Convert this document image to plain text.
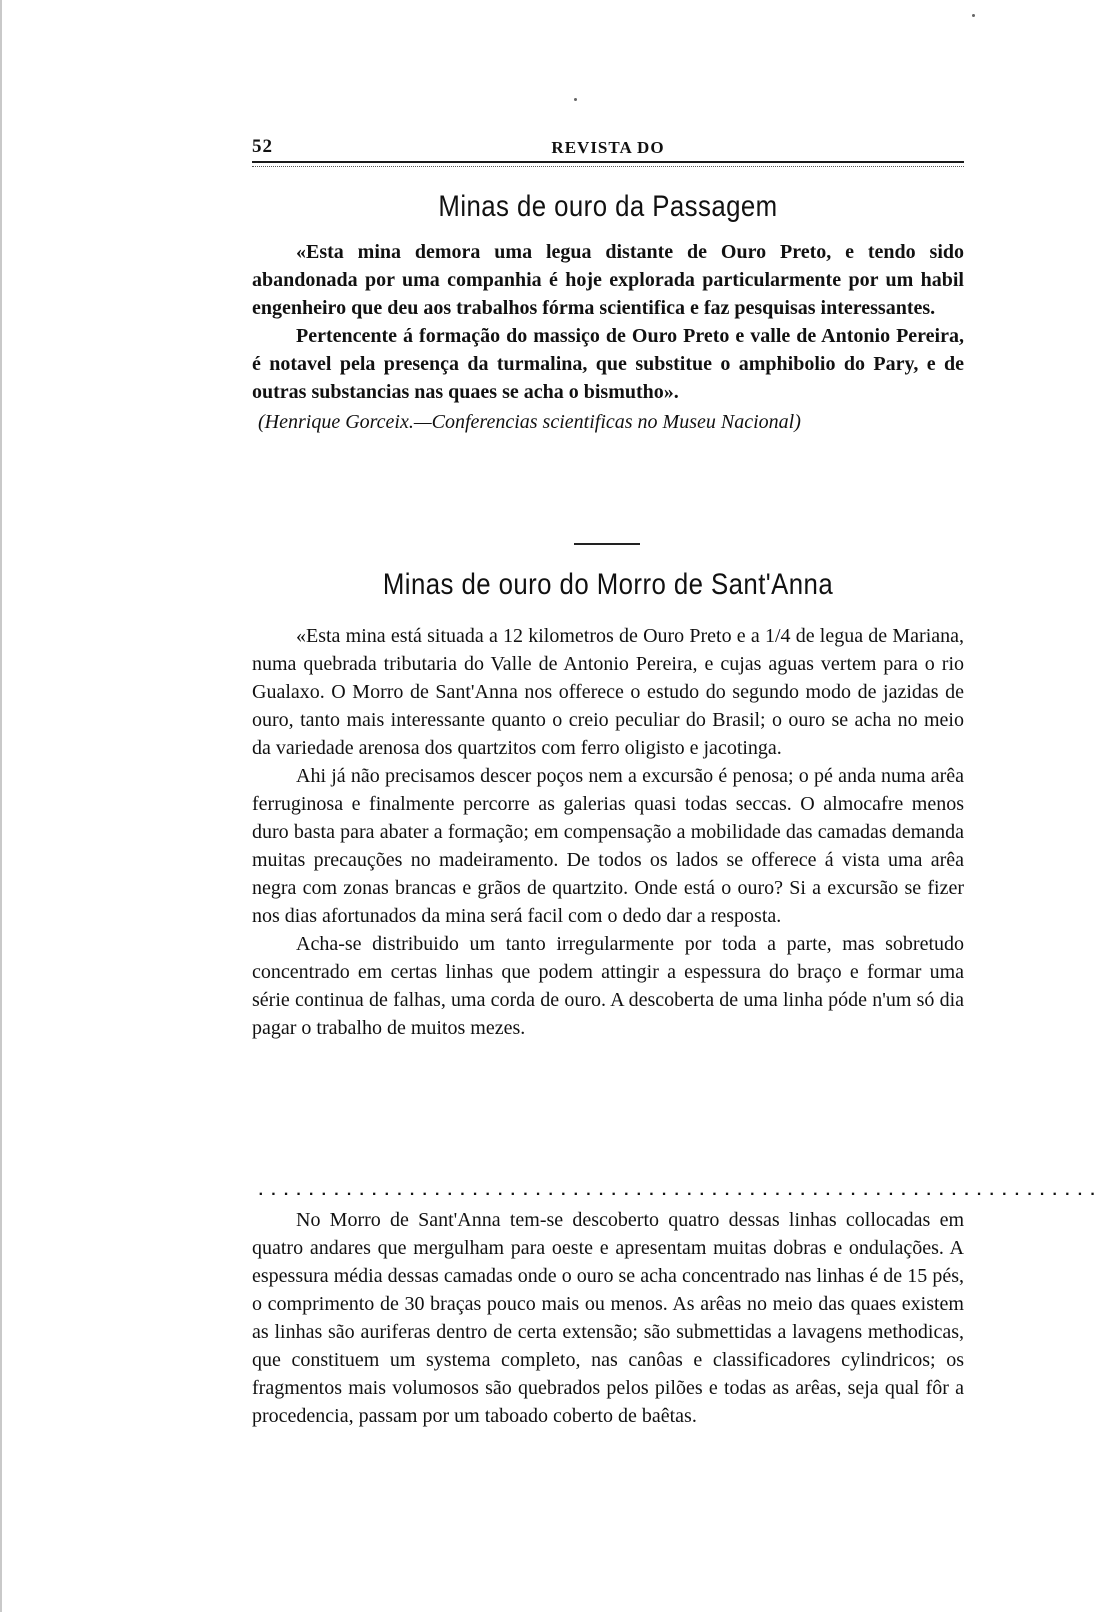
52	REVISTA DO
Minas de ouro da Passagem

«Esta mina demora uma legua distante de Ouro Preto, e tendo sido abandonada por uma companhia é hoje explorada particularmente por um habil engenheiro que deu aos trabalhos fórma scientifica e faz pesquisas interessantes.

Pertencente á formação do massiço de Ouro Preto e valle de Antonio Pereira, é notavel pela presença da turmalina, que substitue o amphibolio do Pary, e de outras substancias nas quaes se acha o bismutho».

(Henrique Gorceix.—Conferencias scientificas no Museu Nacional)

Minas de ouro do Morro de Sant'Anna

«Esta mina está situada a 12 kilometros de Ouro Preto e a 1/4 de legua de Mariana, numa quebrada tributaria do Valle de Antonio Pereira, e cujas aguas vertem para o rio Gualaxo. O Morro de Sant'Anna nos offerece o estudo do segundo modo de jazidas de ouro, tanto mais interessante quanto o creio peculiar do Brasil; o ouro se acha no meio da variedade arenosa dos quartzitos com ferro oligisto e jacotinga.

Ahi já não precisamos descer poços nem a excursão é penosa; o pé anda numa arêa ferruginosa e finalmente percorre as galerias quasi todas seccas. O almocafre menos duro basta para abater a formação; em compensação a mobilidade das camadas demanda muitas precauções no madeiramento. De todos os lados se offerece á vista uma arêa negra com zonas brancas e grãos de quartzito. Onde está o ouro? Si a excursão se fizer nos dias afortunados da mina será facil com o dedo dar a resposta.

Acha-se distribuido um tanto irregularmente por toda a parte, mas sobretudo concentrado em certas linhas que podem attingir a espessura do braço e formar uma série continua de falhas, uma corda de ouro. A descoberta de uma linha póde n'um só dia pagar o trabalho de muitos mezes.

...................................................................

No Morro de Sant'Anna tem-se descoberto quatro dessas linhas collocadas em quatro andares que mergulham para oeste e apresentam muitas dobras e ondulações. A espessura média dessas camadas onde o ouro se acha concentrado nas linhas é de 15 pés, o comprimento de 30 braças pouco mais ou menos. As arêas no meio das quaes existem as linhas são auriferas dentro de certa extensão; são submettidas a lavagens methodicas, que constituem um systema completo, nas canôas e classificadores cylindricos; os fragmentos mais volumosos são quebrados pelos pilões e todas as arêas, seja qual fôr a procedencia, passam por um taboado coberto de baêtas.
